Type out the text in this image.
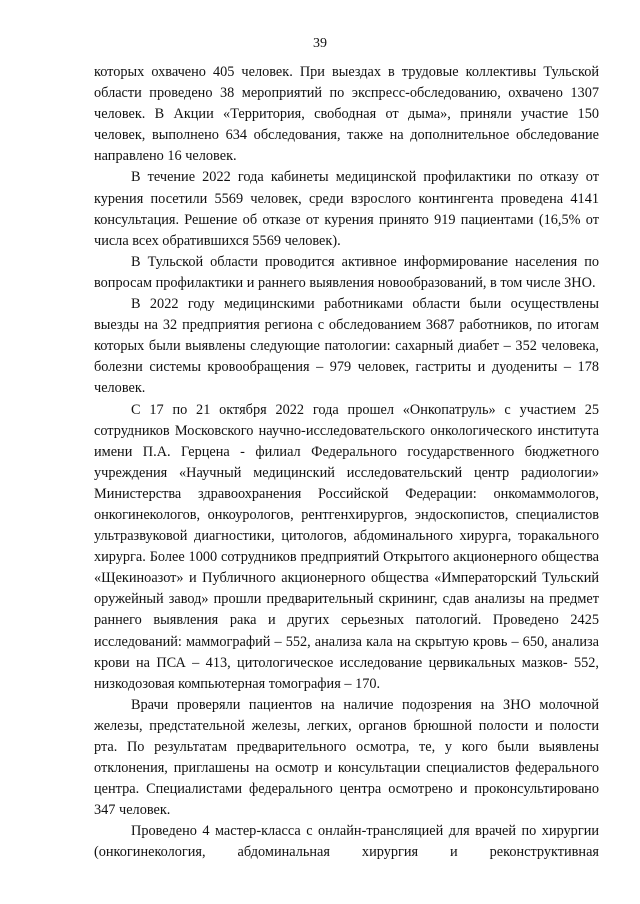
39

которых охвачено 405 человек. При выездах в трудовые коллективы Тульской области проведено 38 мероприятий по экспресс-обследованию, охвачено 1307 человек. В Акции «Территория, свободная от дыма», приняли участие 150 человек, выполнено 634 обследования, также на дополнительное обследование направлено 16 человек.

В течение 2022 года кабинеты медицинской профилактики по отказу от курения посетили 5569 человек, среди взрослого контингента проведена 4141 консультация. Решение об отказе от курения принято 919 пациентами (16,5% от числа всех обратившихся 5569 человек).

В Тульской области проводится активное информирование населения по вопросам профилактики и раннего выявления новообразований, в том числе ЗНО.

В 2022 году медицинскими работниками области были осуществлены выезды на 32 предприятия региона с обследованием 3687 работников, по итогам которых были выявлены следующие патологии: сахарный диабет – 352 человека, болезни системы кровообращения – 979 человек, гастриты и дуодениты – 178 человек.

С 17 по 21 октября 2022 года прошел «Онкопатруль» с участием 25 сотрудников Московского научно-исследовательского онкологического института имени П.А. Герцена - филиал Федерального государственного бюджетного учреждения «Научный медицинский исследовательский центр радиологии» Министерства здравоохранения Российской Федерации: онкомаммологов, онкогинекологов, онкоурологов, рентгенхирургов, эндоскопистов, специалистов ультразвуковой диагностики, цитологов, абдоминального хирурга, торакального хирурга. Более 1000 сотрудников предприятий Открытого акционерного общества «Щекиноазот» и Публичного акционерного общества «Императорский Тульский оружейный завод» прошли предварительный скрининг, сдав анализы на предмет раннего выявления рака и других серьезных патологий. Проведено 2425 исследований: маммографий – 552, анализа кала на скрытую кровь – 650, анализа крови на ПСА – 413, цитологическое исследование цервикальных мазков- 552, низкодозовая компьютерная томография – 170.

Врачи проверяли пациентов на наличие подозрения на ЗНО молочной железы, предстательной железы, легких, органов брюшной полости и полости рта. По результатам предварительного осмотра, те, у кого были выявлены отклонения, приглашены на осмотр и консультации специалистов федерального центра. Специалистами федерального центра осмотрено и проконсультировано 347 человек.

Проведено 4 мастер-класса с онлайн-трансляцией для врачей по хирургии (онкогинекология, абдоминальная хирургия и реконструктивная
